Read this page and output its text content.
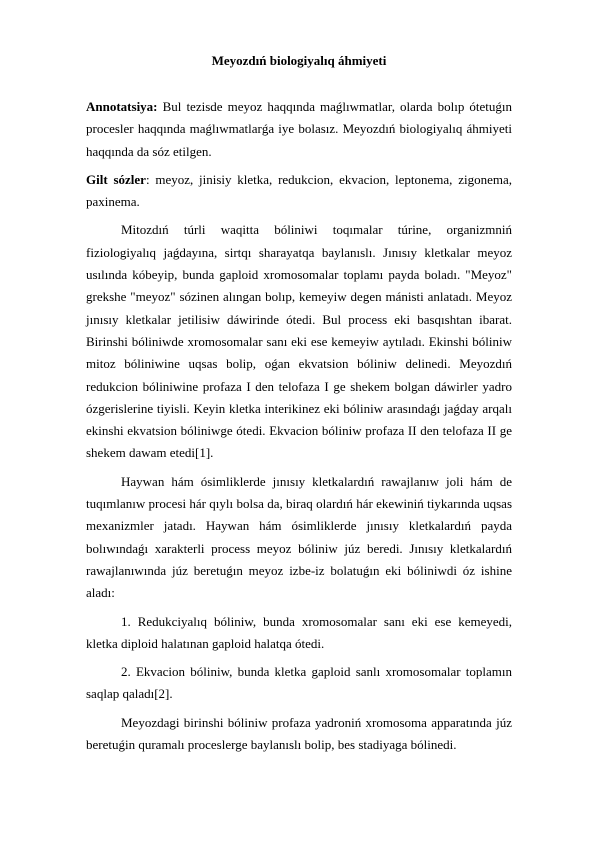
Meyozdıń biologiyalıq áhmiyeti

Annotatsiya: Bul tezisde meyoz haqqında maǵlıwmatlar, olarda bolıp ótetuǵın procesler haqqında maǵlıwmatlarǵa iye bolasız. Meyozdıń biologiyalıq áhmiyeti haqqında da sóz etilgen.

Gilt sózler: meyoz, jinisiy kletka, redukcion, ekvacion, leptonema, zigonema, paxinema.

Mitozdıń túrli waqitta bóliniwi toqımalar túrine, organizmniń fiziologiyalıq jaǵdayına, sirtqı sharayatqa baylanıslı. Jınısıy kletkalar meyoz usılında kóbeyip, bunda gaploid xromosomalar toplamı payda boladı. "Meyoz" grekshe "meyoz" sózinen alıngan bolıp, kemeyiw degen mánisti anlatadı. Meyoz jınısıy kletkalar jetilisiw dáwirinde ótedi. Bul process eki basqıshtan ibarat. Birinshi bóliniwde xromosomalar sanı eki ese kemeyiw aytıladı. Ekinshi bóliniw mitoz bóliniwine uqsas bolip, oǵan ekvatsion bóliniw delinedi. Meyozdıń redukcion bóliniwine profaza I den telofaza I ge shekem bolgan dáwirler yadro ózgerislerine tiyisli. Keyin kletka interikinez eki bóliniw arasındaǵı jaǵday arqalı ekinshi ekvatsion bóliniwge ótedi. Ekvacion bóliniw profaza II den telofaza II ge shekem dawam etedi[1].

Haywan hám ósimliklerde jınısıy kletkalardıń rawajlanıw joli hám de tuqımlanıw procesi hár qıylı bolsa da, biraq olardıń hár ekewiniń tiykarında uqsas mexanizmler jatadı. Haywan hám ósimliklerde jınısıy kletkalardıń payda bolıwındaǵı xarakterli process meyoz bóliniw júz beredi. Jınısıy kletkalardıń rawajlanıwında júz beretuǵın meyoz izbe-iz bolatuǵın eki bóliniwdi óz ishine aladı:

1. Redukciyalıq bóliniw, bunda xromosomalar sanı eki ese kemeyedi, kletka diploid halatınan gaploid halatqa ótedi.

2. Ekvacion bóliniw, bunda kletka gaploid sanlı xromosomalar toplamın saqlap qaladı[2].

Meyozdagi birinshi bóliniw profaza yadroniń xromosoma apparatında júz beretuǵin quramalı proceslerge baylanıslı bolip, bes stadiyaga bólinedi.
